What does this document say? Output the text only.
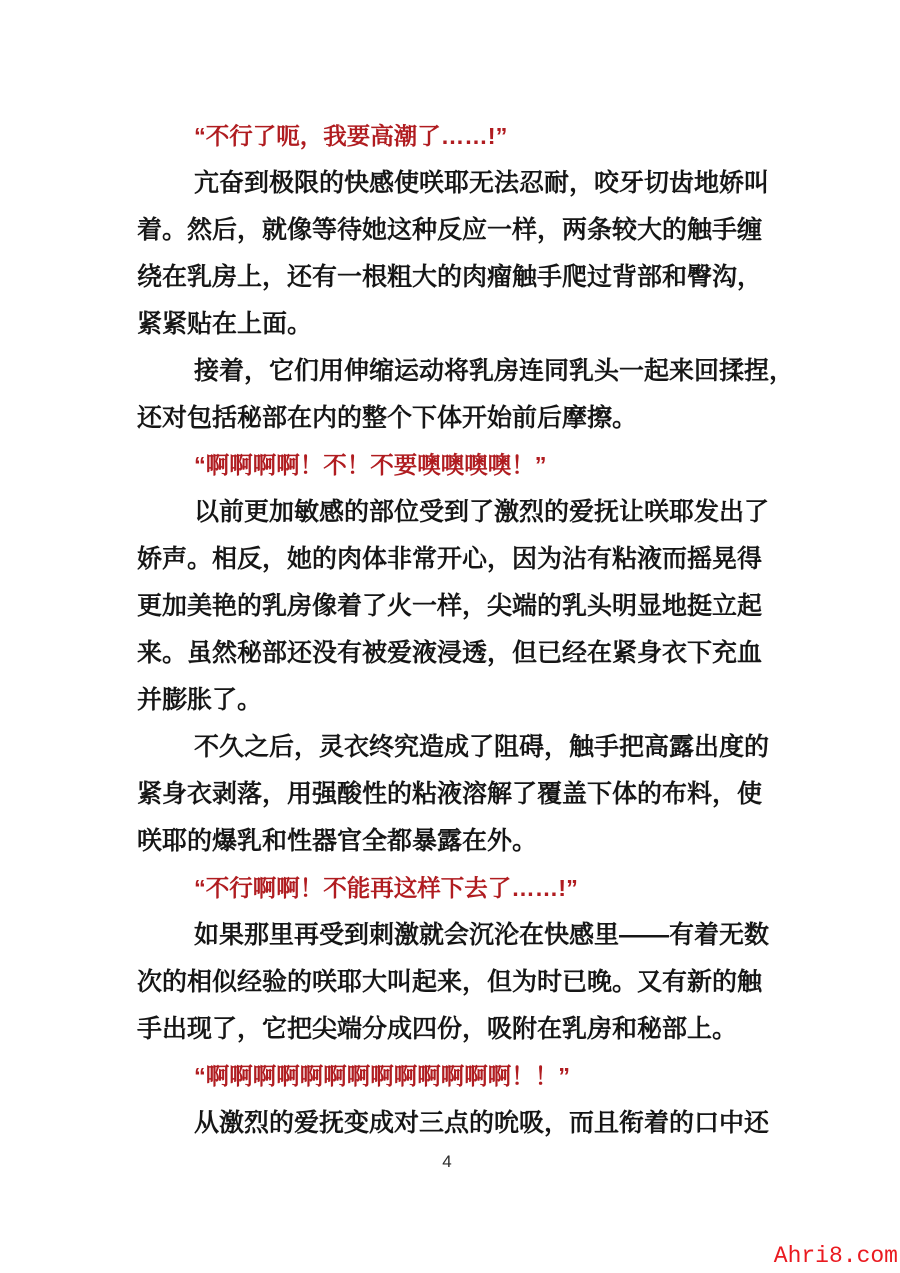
“不行了呃，我要高潮了……!”
亢奋到极限的快感使咲耶无法忍耐，咬牙切齿地娇叫
着。然后，就像等待她这种反应一样，两条较大的触手缠
绕在乳房上，还有一根粗大的肉瘤触手爬过背部和臀沟，
紧紧贴在上面。
接着，它们用伸缩运动将乳房连同乳头一起来回揉捏，
还对包括秘部在内的整个下体开始前后摩擦。
“啊啊啊啊！不！不要噢噢噢噢！”
以前更加敏感的部位受到了激烈的爱抚让咲耶发出了
娇声。相反，她的肉体非常开心，因为沾有粘液而摇晃得
更加美艳的乳房像着了火一样，尖端的乳头明显地挺立起
来。虽然秘部还没有被爱液浸透，但已经在紧身衣下充血
并膨胀了。
不久之后，灵衣终究造成了阻碍，触手把高露出度的
紧身衣剥落，用强酸性的粘液溶解了覆盖下体的布料，使
咲耶的爆乳和性器官全都暴露在外。
“不行啊啊！不能再这样下去了……!”
如果那里再受到刺激就会沉沦在快感里——有着无数
次的相似经验的咲耶大叫起来，但为时已晚。又有新的触
手出现了，它把尖端分成四份，吸附在乳房和秘部上。
“啊啊啊啊啊啊啊啊啊啊啊啊啊！！”
从激烈的爱抚变成对三点的吮吸，而且衔着的口中还
4
Ahri8.com
